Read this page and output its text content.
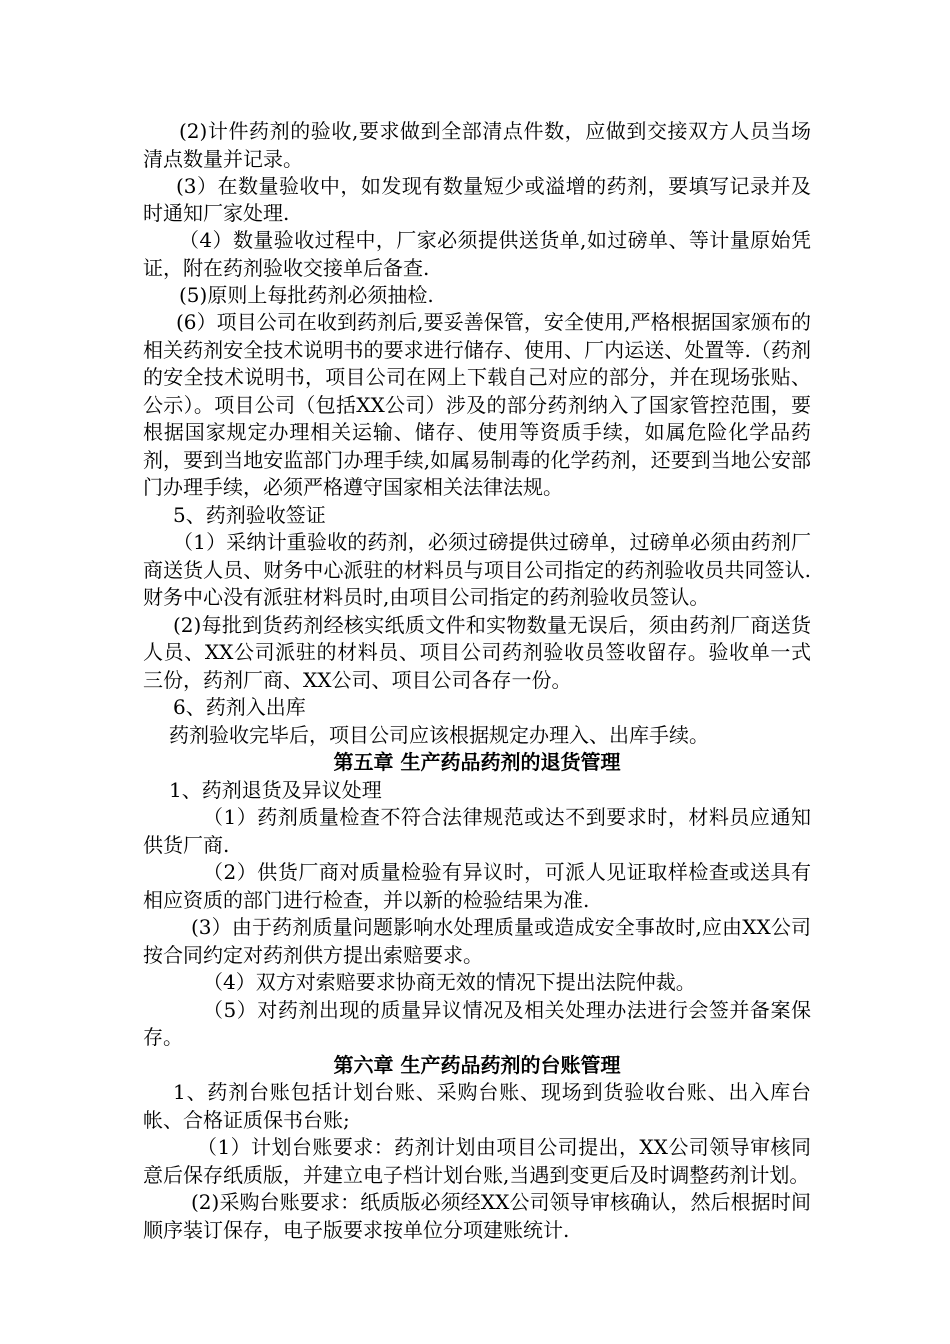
(2)计件药剂的验收,要求做到全部清点件数，应做到交接双方人员当场清点数量并记录。

(3）在数量验收中，如发现有数量短少或溢增的药剂，要填写记录并及时通知厂家处理.

（4）数量验收过程中，厂家必须提供送货单,如过磅单、等计量原始凭证，附在药剂验收交接单后备查.

(5)原则上每批药剂必须抽检.

(6）项目公司在收到药剂后,要妥善保管，安全使用,严格根据国家颁布的相关药剂安全技术说明书的要求进行储存、使用、厂内运送、处置等.（药剂的安全技术说明书，项目公司在网上下载自己对应的部分，并在现场张贴、公示）。项目公司（包括XX公司）涉及的部分药剂纳入了国家管控范围，要根据国家规定办理相关运输、储存、使用等资质手续，如属危险化学品药剂，要到当地安监部门办理手续,如属易制毒的化学药剂，还要到当地公安部门办理手续，必须严格遵守国家相关法律法规。

5、药剂验收签证

（1）采纳计重验收的药剂，必须过磅提供过磅单，过磅单必须由药剂厂商送货人员、财务中心派驻的材料员与项目公司指定的药剂验收员共同签认.财务中心没有派驻材料员时,由项目公司指定的药剂验收员签认。

(2)每批到货药剂经核实纸质文件和实物数量无误后，须由药剂厂商送货人员、XX公司派驻的材料员、项目公司药剂验收员签收留存。验收单一式三份，药剂厂商、XX公司、项目公司各存一份。

6、药剂入出库

药剂验收完毕后，项目公司应该根据规定办理入、出库手续。

第五章 生产药品药剂的退货管理

1、药剂退货及异议处理

（1）药剂质量检查不符合法律规范或达不到要求时，材料员应通知供货厂商.

（2）供货厂商对质量检验有异议时，可派人见证取样检查或送具有相应资质的部门进行检查，并以新的检验结果为准.

(3）由于药剂质量问题影响水处理质量或造成安全事故时,应由XX公司按合同约定对药剂供方提出索赔要求。

（4）双方对索赔要求协商无效的情况下提出法院仲裁。

（5）对药剂出现的质量异议情况及相关处理办法进行会签并备案保存。

第六章 生产药品药剂的台账管理

1、药剂台账包括计划台账、采购台账、现场到货验收台账、出入库台帐、合格证质保书台账;

（1）计划台账要求：药剂计划由项目公司提出，XX公司领导审核同意后保存纸质版，并建立电子档计划台账,当遇到变更后及时调整药剂计划。

(2)采购台账要求：纸质版必须经XX公司领导审核确认，然后根据时间顺序装订保存，电子版要求按单位分项建账统计.
